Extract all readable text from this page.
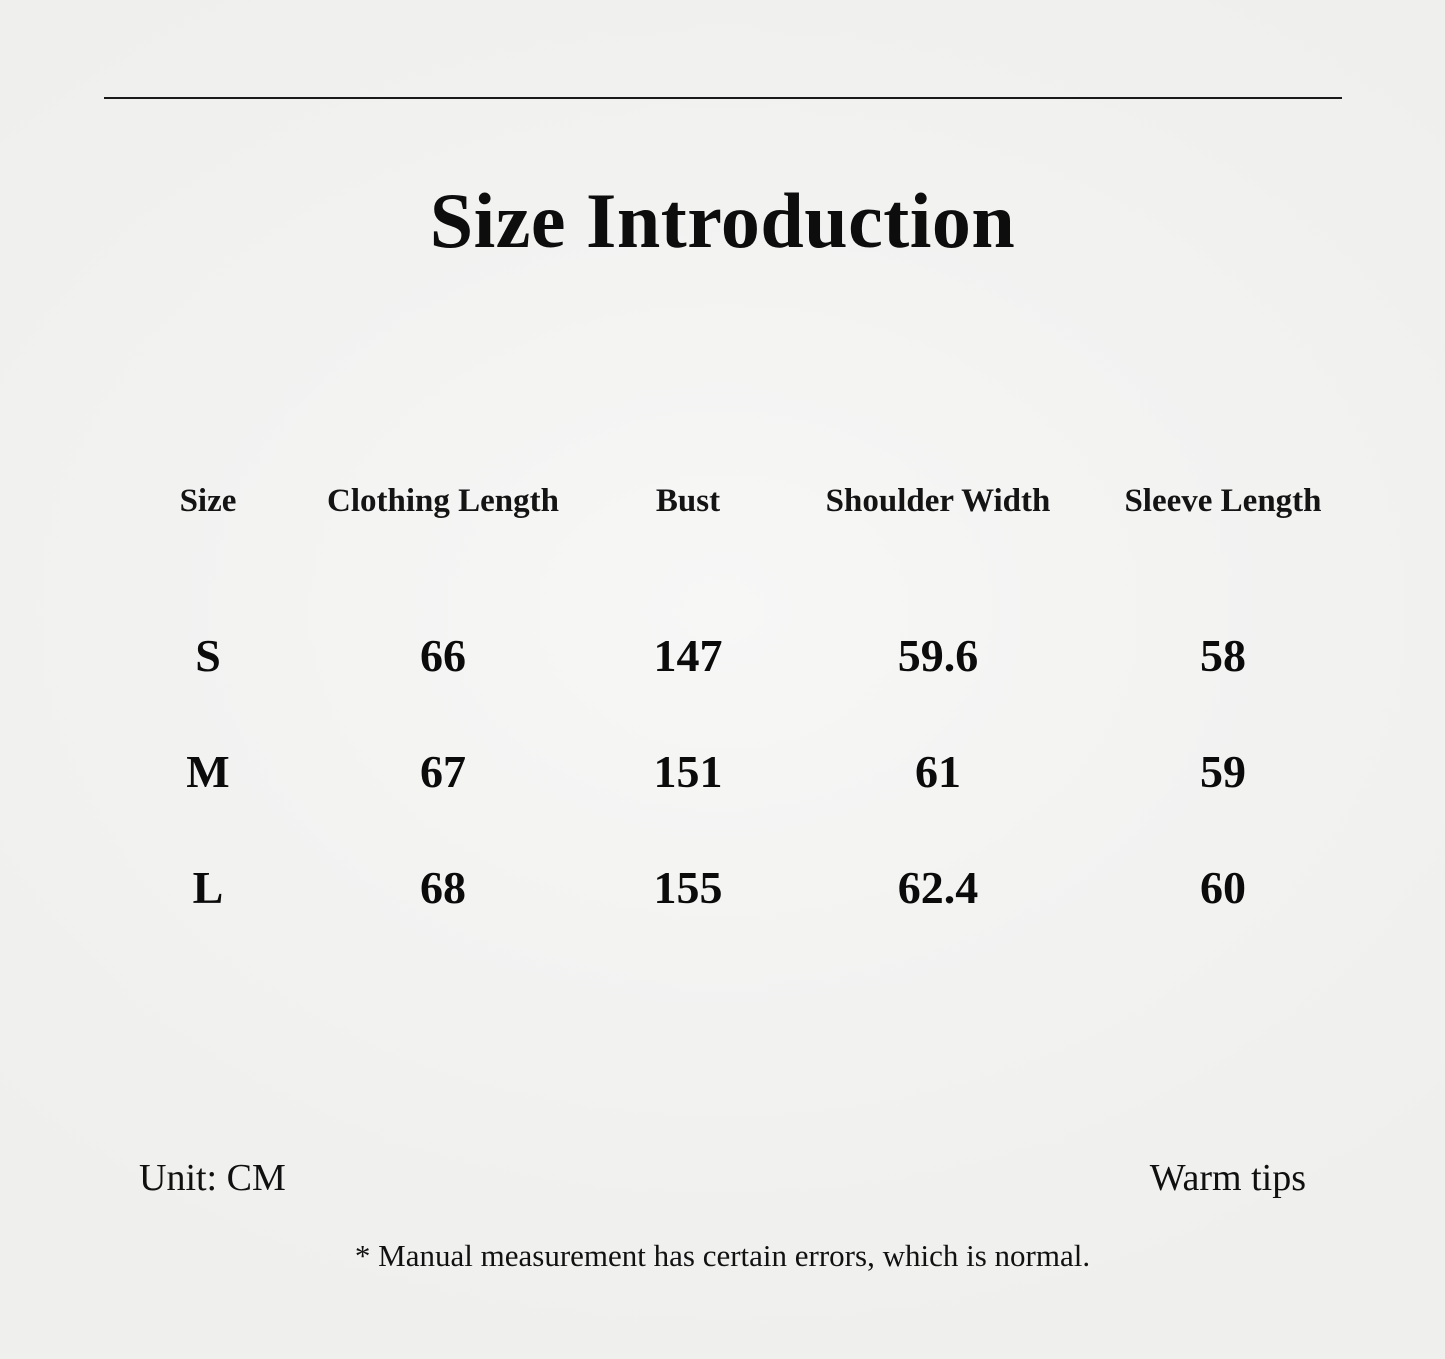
Size Introduction
Size	Clothing Length	Bust	Shoulder Width	Sleeve Length
S	66	147	59.6	58
M	67	151	61	59
L	68	155	62.4	60
Unit: CM	Warm tips
* Manual measurement has certain errors, which is normal.
